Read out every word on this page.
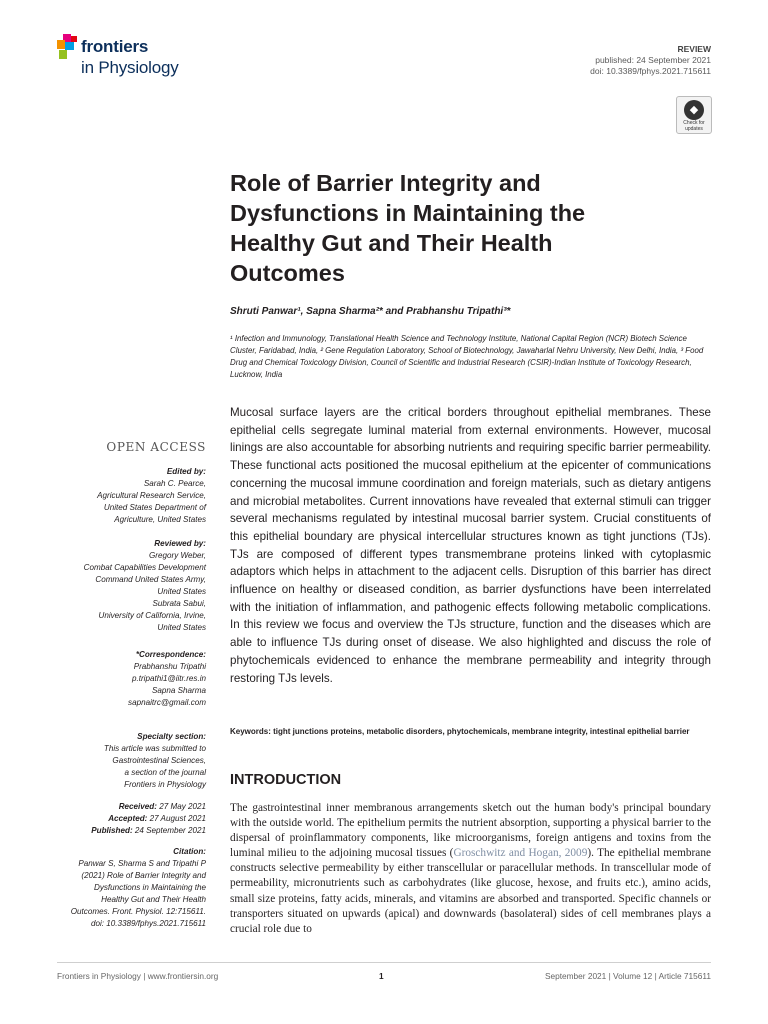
frontiers
in Physiology
REVIEW
published: 24 September 2021
doi: 10.3389/fphys.2021.715611
◆
Check for updates
Role of Barrier Integrity and Dysfunctions in Maintaining the Healthy Gut and Their Health Outcomes
Shruti Panwar¹, Sapna Sharma²* and Prabhanshu Tripathi³*
¹ Infection and Immunology, Translational Health Science and Technology Institute, National Capital Region (NCR) Biotech Science Cluster, Faridabad, India, ² Gene Regulation Laboratory, School of Biotechnology, Jawaharlal Nehru University, New Delhi, India, ³ Food Drug and Chemical Toxicology Division, Council of Scientific and Industrial Research (CSIR)-Indian Institute of Toxicology Research, Lucknow, India

Mucosal surface layers are the critical borders throughout epithelial membranes. These epithelial cells segregate luminal material from external environments. However, mucosal linings are also accountable for absorbing nutrients and requiring specific barrier permeability. These functional acts positioned the mucosal epithelium at the epicenter of communications concerning the mucosal immune coordination and foreign materials, such as dietary antigens and microbial metabolites. Current innovations have revealed that external stimuli can trigger several mechanisms regulated by intestinal mucosal barrier system. Crucial constituents of this epithelial boundary are physical intercellular structures known as tight junctions (TJs). TJs are composed of different types transmembrane proteins linked with cytoplasmic adaptors which helps in attachment to the adjacent cells. Disruption of this barrier has direct influence on healthy or diseased condition, as barrier dysfunctions have been interrelated with the initiation of inflammation, and pathogenic effects following metabolic complications. In this review we focus and overview the TJs structure, function and the diseases which are able to influence TJs during onset of disease. We also highlighted and discuss the role of phytochemicals evidenced to enhance the membrane permeability and integrity through restoring TJs levels.

Keywords: tight junctions proteins, metabolic disorders, phytochemicals, membrane integrity, intestinal epithelial barrier
INTRODUCTION

The gastrointestinal inner membranous arrangements sketch out the human body's principal boundary with the outside world. The epithelium permits the nutrient absorption, supporting a physical barrier to the dispersal of proinflammatory components, like microorganisms, foreign antigens and toxins from the luminal milieu to the adjoining mucosal tissues (Groschwitz and Hogan, 2009). The epithelial membrane constructs selective permeability by either transcellular or paracellular methods. In transcellular mode of permeability, micronutrients such as carbohydrates (like glucose, hexose, and fruits etc.), amino acids, small size proteins, fatty acids, minerals, and vitamins are absorbed and transported. Specific channels or transporters situated on upwards (apical) and downwards (basolateral) sides of cell membranes plays a crucial role due to

OPEN ACCESS
Edited by:
Sarah C. Pearce,
Agricultural Research Service,
United States Department of
Agriculture, United States
Reviewed by:
Gregory Weber,
Combat Capabilities Development
Command United States Army,
United States
Subrata Sabui,
University of California, Irvine,
United States
*Correspondence:
Prabhanshu Tripathi
p.tripathi1@iitr.res.in
Sapna Sharma
sapnaitrc@gmail.com
Specialty section:
This article was submitted to
Gastrointestinal Sciences,
a section of the journal
Frontiers in Physiology
Received: 27 May 2021
Accepted: 27 August 2021
Published: 24 September 2021
Citation:
Panwar S, Sharma S and Tripathi P
(2021) Role of Barrier Integrity and
Dysfunctions in Maintaining the
Healthy Gut and Their Health
Outcomes. Front. Physiol. 12:715611.
doi: 10.3389/fphys.2021.715611
Frontiers in Physiology | www.frontiersin.org	1	September 2021 | Volume 12 | Article 715611
